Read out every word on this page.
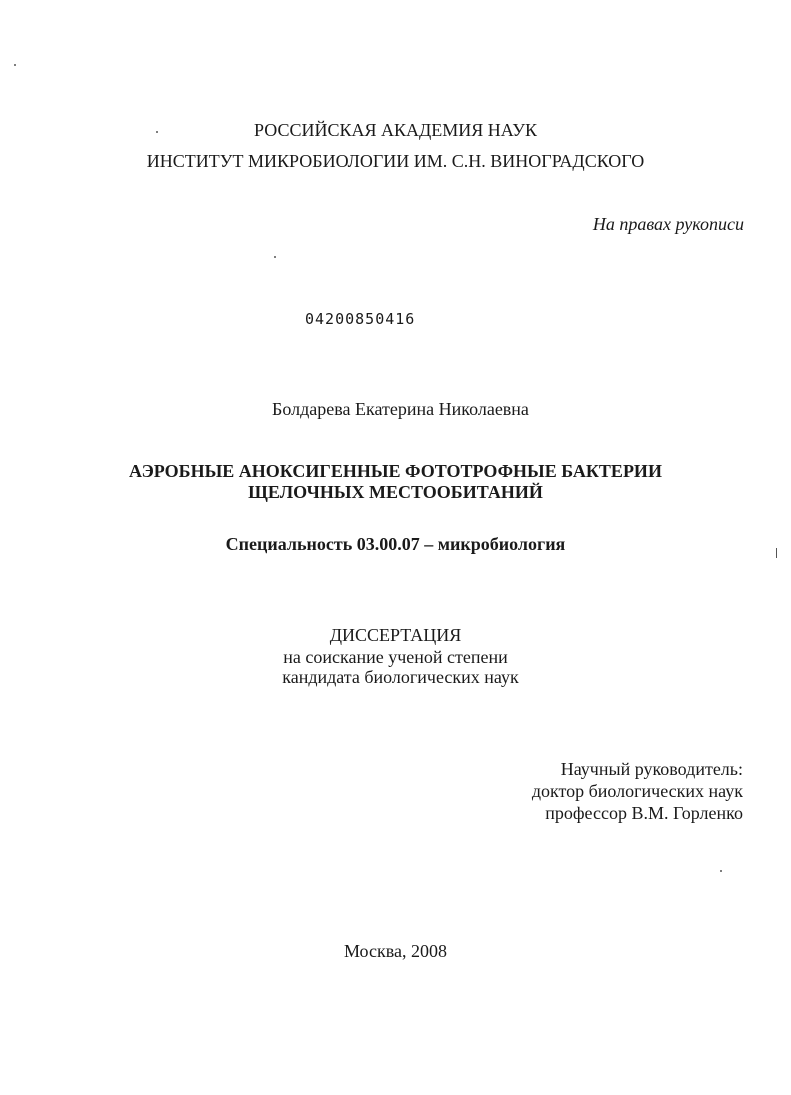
РОССИЙСКАЯ АКАДЕМИЯ НАУК
ИНСТИТУТ МИКРОБИОЛОГИИ ИМ. С.Н. ВИНОГРАДСКОГО
На правах рукописи
04200850416
Болдарева Екатерина Николаевна
АЭРОБНЫЕ АНОКСИГЕННЫЕ ФОТОТРОФНЫЕ БАКТЕРИИ
ЩЕЛОЧНЫХ МЕСТООБИТАНИЙ
Специальность 03.00.07 – микробиология
ДИССЕРТАЦИЯ
на соискание ученой степени
кандидата биологических наук
Научный руководитель:
доктор биологических наук
профессор В.М. Горленко
Москва, 2008
